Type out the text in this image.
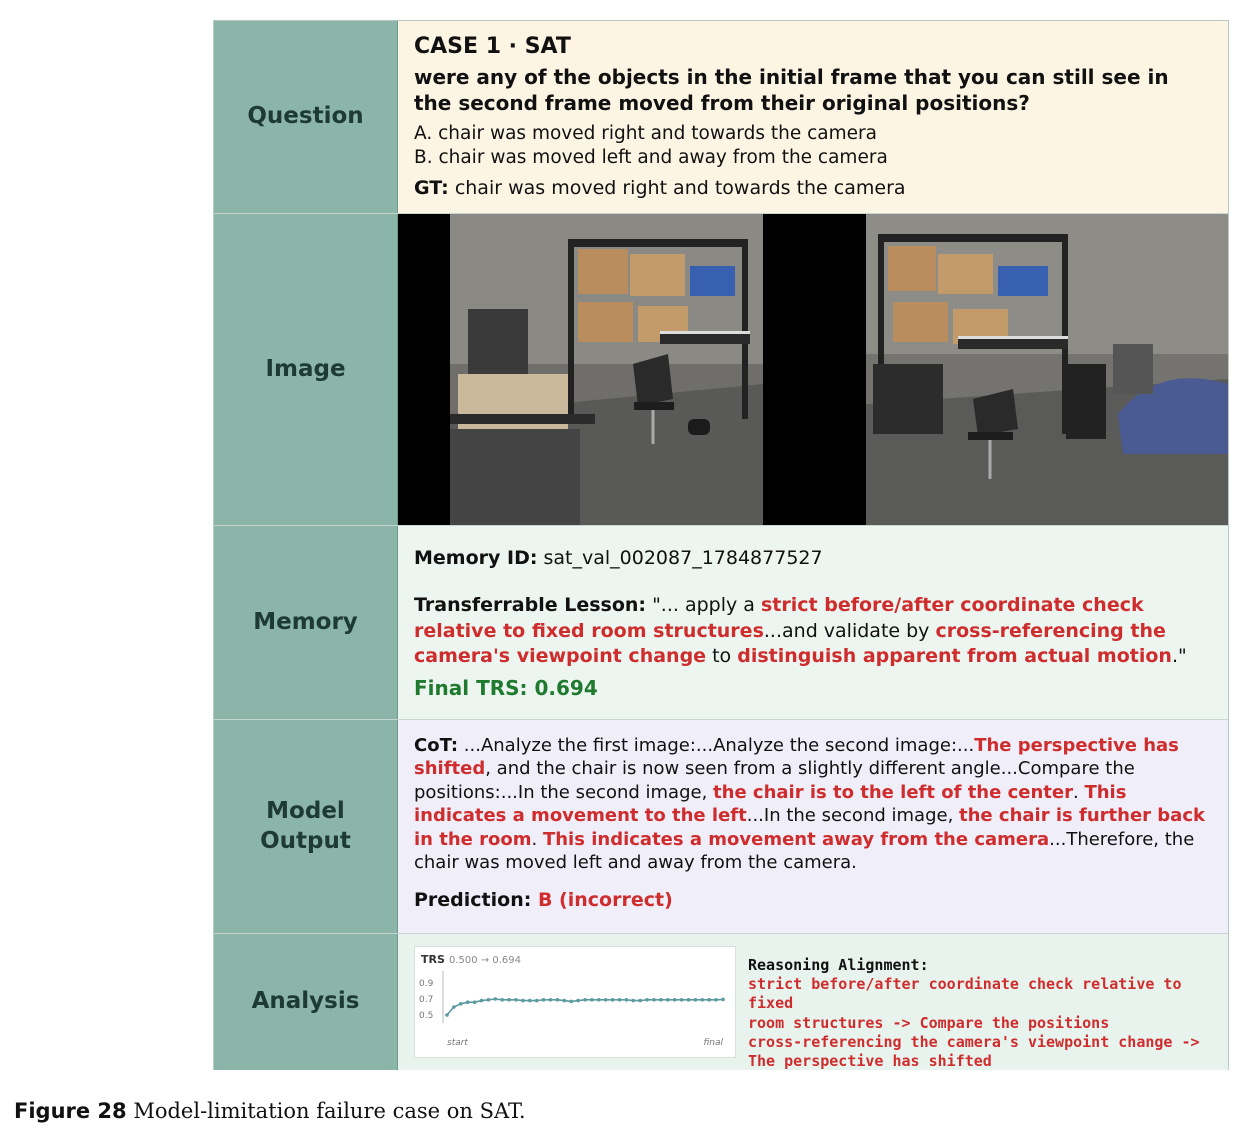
Question
CASE 1 · SAT
were any of the objects in the initial frame that you can still see in the second frame moved from their original positions?
A. chair was moved right and towards the camera
B. chair was moved left and away from the camera
GT: chair was moved right and towards the camera
Image
Memory
Memory ID: sat_val_002087_1784877527
Transferrable Lesson: "... apply a strict before/after coordinate check relative to fixed room structures...and validate by cross-referencing the camera's viewpoint change to distinguish apparent from actual motion."
Final TRS: 0.694
Model
Output
CoT: ...Analyze the first image:...Analyze the second image:...The perspective has shifted, and the chair is now seen from a slightly different angle...Compare the positions:...In the second image, the chair is to the left of the center. This indicates a movement to the left...In the second image, the chair is further back in the room. This indicates a movement away from the camera...Therefore, the chair was moved left and away from the camera.
Prediction: B (incorrect)
Analysis
TRS 0.500 → 0.694
0.5
0.7
0.9
start	final
Reasoning Alignment:
strict before/after coordinate check relative to fixed
room structures -> Compare the positions
cross-referencing the camera's viewpoint change ->
The perspective has shifted
Figure 28 Model-limitation failure case on SAT.
